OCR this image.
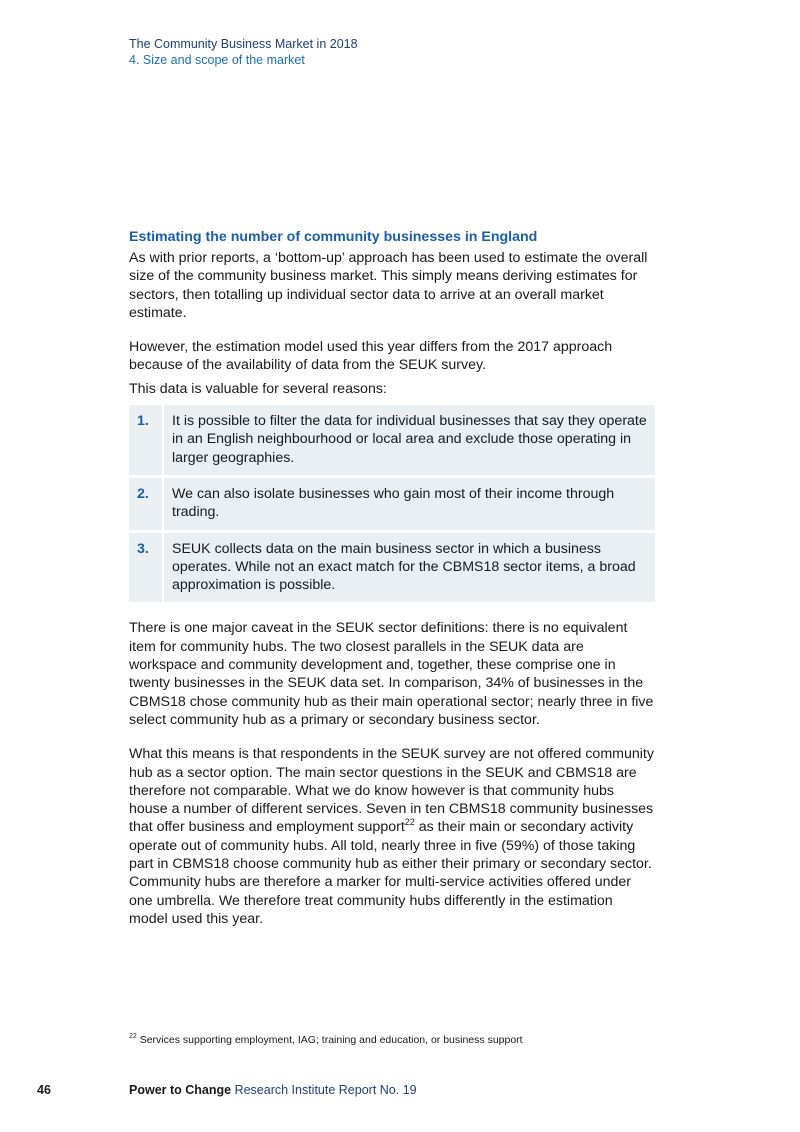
The Community Business Market in 2018
4. Size and scope of the market
Estimating the number of community businesses in England

As with prior reports, a ‘bottom-up’ approach has been used to estimate the overall size of the community business market. This simply means deriving estimates for sectors, then totalling up individual sector data to arrive at an overall market estimate.

However, the estimation model used this year differs from the 2017 approach because of the availability of data from the SEUK survey.

This data is valuable for several reasons:

1.	It is possible to filter the data for individual businesses that say they operate in an English neighbourhood or local area and exclude those operating in larger geographies.
2.	We can also isolate businesses who gain most of their income through trading.
3.	SEUK collects data on the main business sector in which a business operates. While not an exact match for the CBMS18 sector items, a broad approximation is possible.

There is one major caveat in the SEUK sector definitions: there is no equivalent item for community hubs. The two closest parallels in the SEUK data are workspace and community development and, together, these comprise one in twenty businesses in the SEUK data set. In comparison, 34% of businesses in the CBMS18 chose community hub as their main operational sector; nearly three in five select community hub as a primary or secondary business sector.

What this means is that respondents in the SEUK survey are not offered community hub as a sector option. The main sector questions in the SEUK and CBMS18 are therefore not comparable. What we do know however is that community hubs house a number of different services. Seven in ten CBMS18 community businesses that offer business and employment support$^{22}$ as their main or secondary activity operate out of community hubs. All told, nearly three in five (59%) of those taking part in CBMS18 choose community hub as either their primary or secondary sector. Community hubs are therefore a marker for multi-service activities offered under one umbrella. We therefore treat community hubs differently in the estimation model used this year.

$^{22}$ Services supporting employment, IAG; training and education, or business support
46	Power to Change Research Institute Report No. 19
